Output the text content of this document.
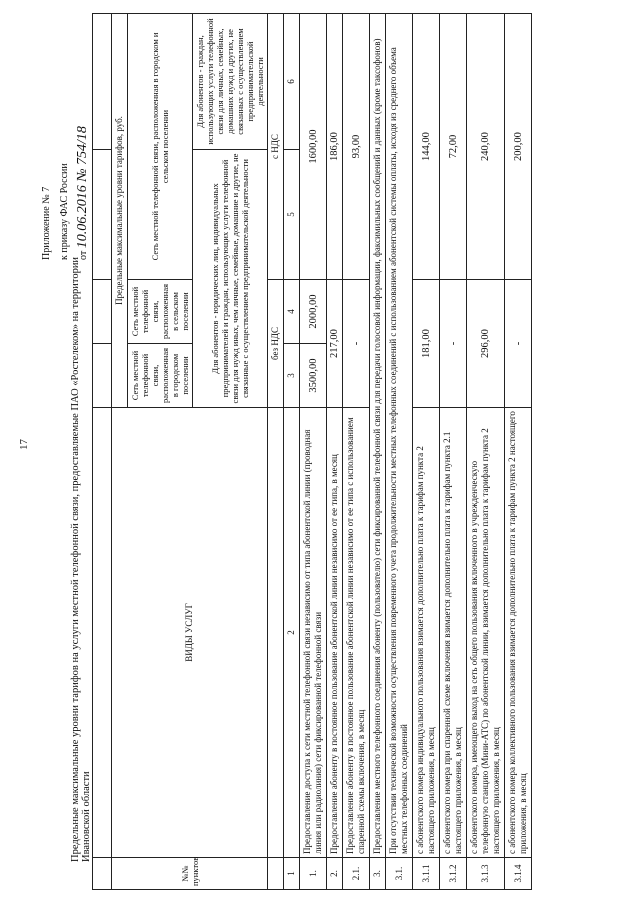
17
Приложение № 7 к приказу ФАС России от 10.06.2016 № 754/18
Предельные максимальные уровни тарифов на услуги местной телефонной связи, предоставляемые ПАО «Ростелеком» на территории Ивановской области

№№ пунктов	ВИДЫ УСЛУГ	Предельные максимальные уровни тарифов, руб.			
		Сеть местной телефонной связи, расположенная в городском поселении	Сеть местной телефонной связи, расположенная в сельском поселении	Сеть местной телефонной связи, расположенная в городском и сельском поселении	
		Для абонентов - юридических лиц, индивидуальных предпринимателей и граждан, использующих услуги телефонной связи для нужд иных, чем личные, семейные, домашние и другие, не связанные с осуществлением предпринимательской деятельности			Для абонентов - граждан, использующих услуги телефонной связи для личных, семейных, домашних нужд и других, не связанных с осуществлением предпринимательской деятельности
		без НДС		с НДС	
1	2	3	4	5	6
1.	Предоставление доступа к сети местной телефонной связи независимо от типа абонентской линии (проводная линия или радиолиния) сети фиксированной телефонной связи	3500,00	2000,00	1600,00	
2.	Предоставление абоненту в постоянное пользование абонентской линии независимо от ее типа, в месяц	217,00		186,00	
2.1.	Предоставление абоненту в постоянное пользование абонентской линии независимо от ее типа с использованием спаренной схемы включения, в месяц	-		93,00	
3.	Предоставление местного телефонного соединения абоненту (пользователю) сети фиксированной телефонной связи для передачи голосовой информации, факсимильных сообщений и данных (кроме таксофонов)				
3.1.	При отсутствии технической возможности осуществления повременного учета продолжительности местных телефонных соединений с использованием абонентской системы оплаты, исходя из среднего объема местных телефонных соединений				
3.1.1	с абонентского номера индивидуального пользования взимается дополнительно плата к тарифам пункта 2 настоящего приложения, в месяц	181,00		144,00	
3.1.2	с абонентского номера при спаренной схеме включения взимается дополнительно плата к тарифам пункта 2.1 настоящего приложения, в месяц	-		72,00	
3.1.3	с абонентского номера, имеющего выход на сеть общего пользования включенного в учрежденческую телефонную станцию (Мини-АТС) по абонентской линии, взимается дополнительно плата к тарифам пункта 2 настоящего приложения, в месяц	296,00		240,00	
3.1.4	с абонентского номера коллективного пользования взимается дополнительно плата к тарифам пункта 2 настоящего приложения, в месяц	-		200,00	
